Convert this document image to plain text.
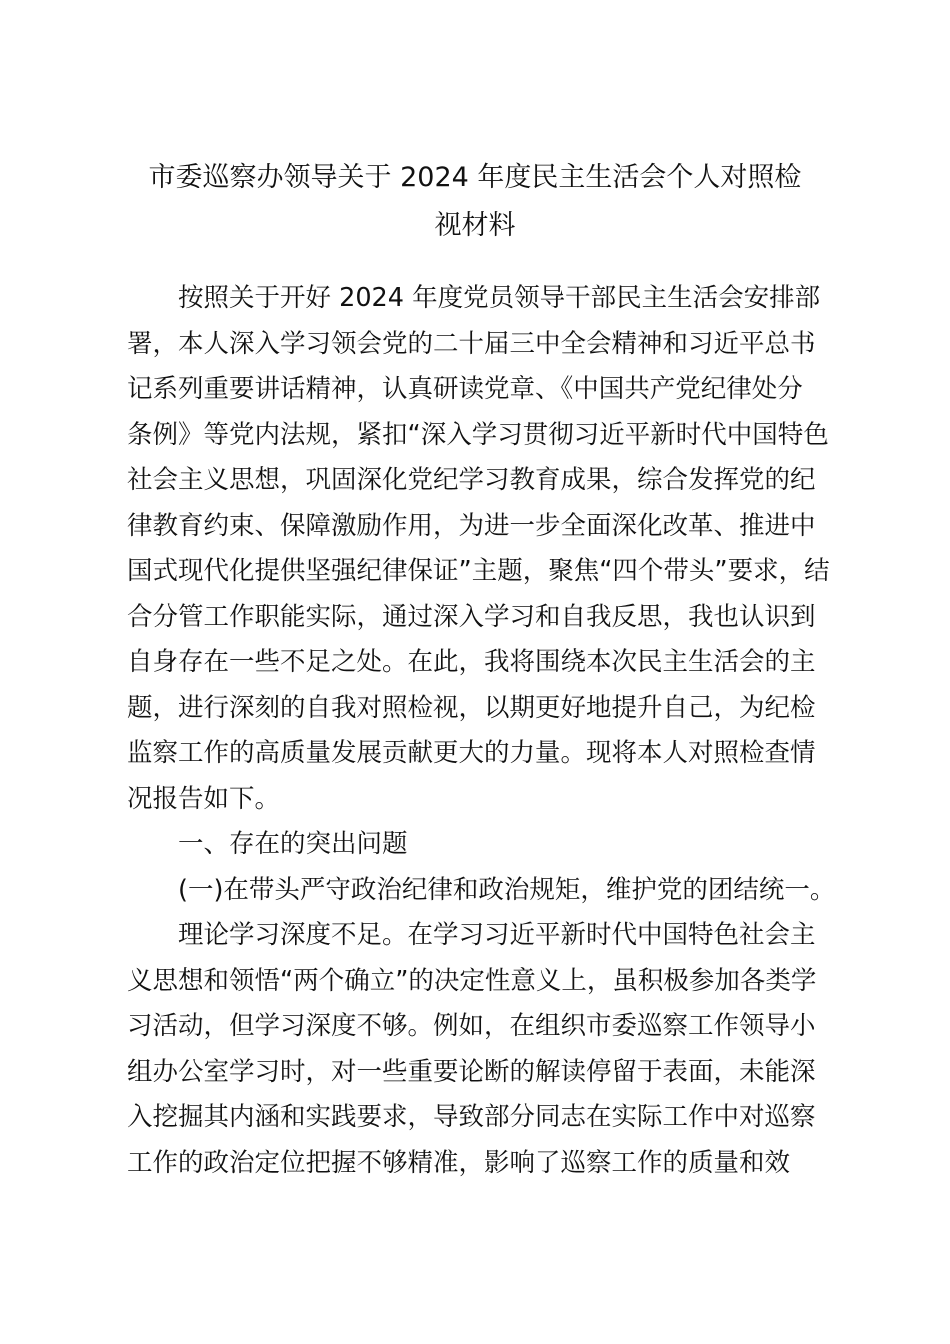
市委巡察办领导关于 2024 年度民主生活会个人对照检
视材料
按照关于开好 2024 年度党员领导干部民主生活会安排部
署，本人深入学习领会党的二十届三中全会精神和习近平总书
记系列重要讲话精神，认真研读党章、《中国共产党纪律处分
条例》等党内法规，紧扣“深入学习贯彻习近平新时代中国特色
社会主义思想，巩固深化党纪学习教育成果，综合发挥党的纪
律教育约束、保障激励作用，为进一步全面深化改革、推进中
国式现代化提供坚强纪律保证”主题，聚焦“四个带头”要求，结
合分管工作职能实际，通过深入学习和自我反思，我也认识到
自身存在一些不足之处。在此，我将围绕本次民主生活会的主
题，进行深刻的自我对照检视，以期更好地提升自己，为纪检
监察工作的高质量发展贡献更大的力量。现将本人对照检查情
况报告如下。
一、存在的突出问题
(一)在带头严守政治纪律和政治规矩，维护党的团结统一。
理论学习深度不足。在学习习近平新时代中国特色社会主
义思想和领悟“两个确立”的决定性意义上，虽积极参加各类学
习活动，但学习深度不够。例如，在组织市委巡察工作领导小
组办公室学习时，对一些重要论断的解读停留于表面，未能深
入挖掘其内涵和实践要求，导致部分同志在实际工作中对巡察
工作的政治定位把握不够精准，影响了巡察工作的质量和效
